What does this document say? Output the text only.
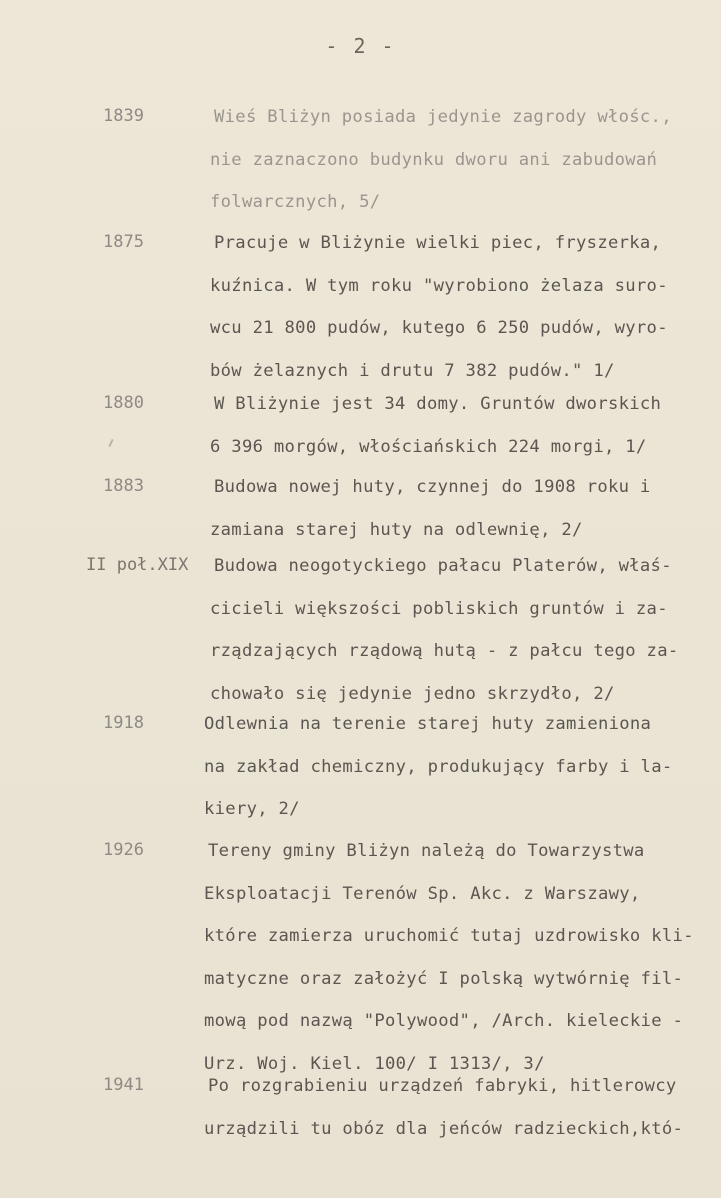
- 2 -
1839	Wieś Bliżyn posiada jedynie zagrody włośc.,
nie zaznaczono budynku dworu ani zabudowań
folwarcznych, 5/
1875	Pracuje w Bliżynie wielki piec, fryszerka,
kuźnica. W tym roku "wyrobiono żelaza suro-
wcu 21 800 pudów, kutego 6 250 pudów, wyro-
bów żelaznych i drutu 7 382 pudów." 1/
1880	W Bliżynie jest 34 domy. Gruntów dworskich
6 396 morgów, włościańskich 224 morgi, 1/
1883	Budowa nowej huty, czynnej do 1908 roku i
zamiana starej huty na odlewnię, 2/
II poł.XIX Budowa neogotyckiego pałacu Platerów, właś-
cicieli większości pobliskich gruntów i za-
rządzających rządową hutą - z pałcu tego za-
chowało się jedynie jedno skrzydło, 2/
1918	Odlewnia na terenie starej huty zamieniona
na zakład chemiczny, produkujący farby i la-
kiery, 2/
1926	Tereny gminy Bliżyn należą do Towarzystwa
Eksploatacji Terenów Sp. Akc. z Warszawy,
które zamierza uruchomić tutaj uzdrowisko kli-
matyczne oraz założyć I polską wytwórnię fil-
mową pod nazwą "Polywood", /Arch. kieleckie -
Urz. Woj. Kiel. 100/ I 1313/, 3/
1941	Po rozgrabieniu urządzeń fabryki, hitlerowcy
urządzili tu obóz dla jeńców radzieckich,któ-
